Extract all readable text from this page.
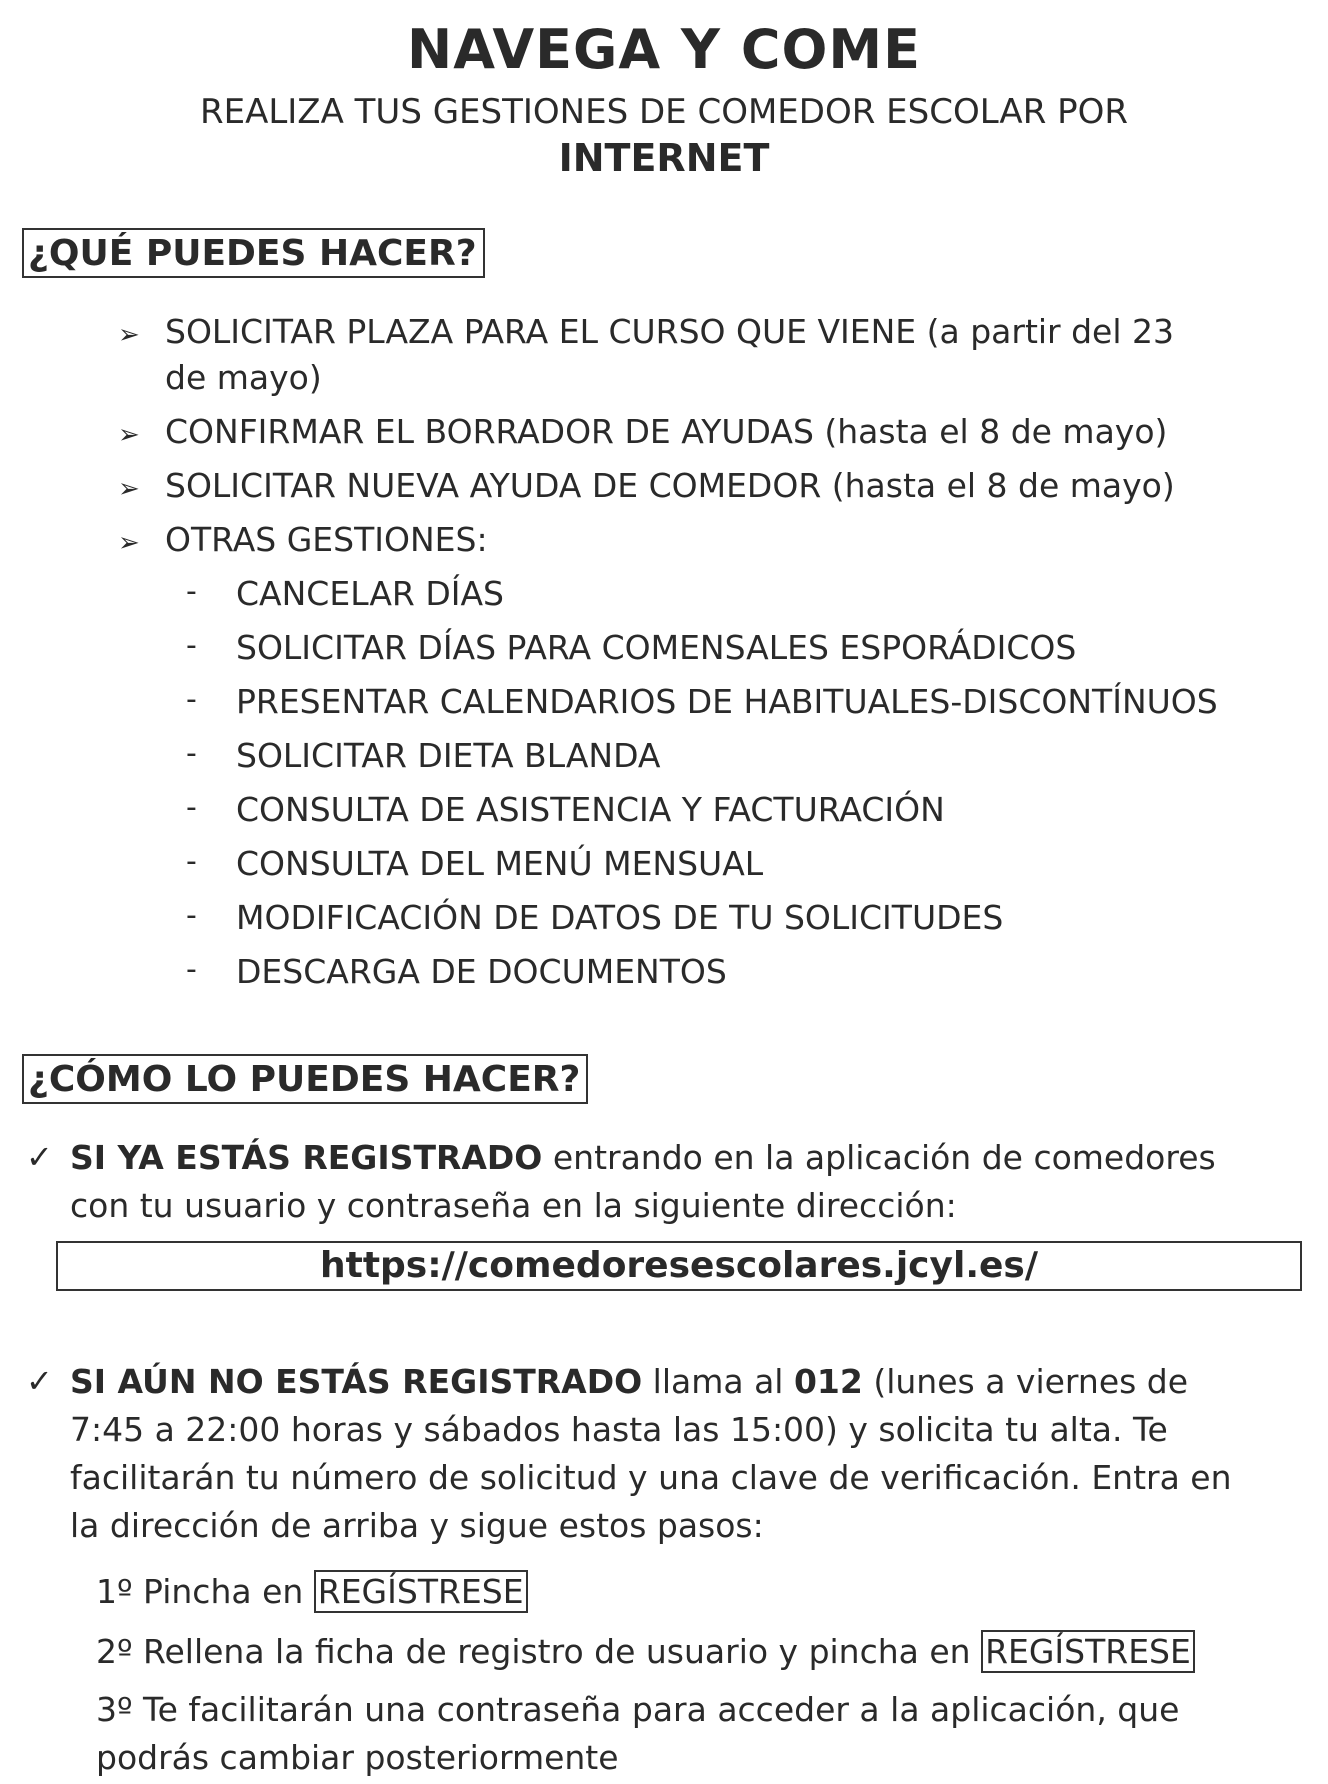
NAVEGA Y COME
REALIZA TUS GESTIONES DE COMEDOR ESCOLAR POR
INTERNET
¿QUÉ PUEDES HACER?
➢ SOLICITAR PLAZA PARA EL CURSO QUE VIENE (a partir del 23
de mayo)
➢ CONFIRMAR EL BORRADOR DE AYUDAS (hasta el 8 de mayo)
➢ SOLICITAR NUEVA AYUDA DE COMEDOR (hasta el 8 de mayo)
➢ OTRAS GESTIONES:
- CANCELAR DÍAS
- SOLICITAR DÍAS PARA COMENSALES ESPORÁDICOS
- PRESENTAR CALENDARIOS DE HABITUALES-DISCONTÍNUOS
- SOLICITAR DIETA BLANDA
- CONSULTA DE ASISTENCIA Y FACTURACIÓN
- CONSULTA DEL MENÚ MENSUAL
- MODIFICACIÓN DE DATOS DE TU SOLICITUDES
- DESCARGA DE DOCUMENTOS
¿CÓMO LO PUEDES HACER?
✓ SI YA ESTÁS REGISTRADO entrando en la aplicación de comedores
con tu usuario y contraseña en la siguiente dirección:
https://comedoresescolares.jcyl.es/
✓ SI AÚN NO ESTÁS REGISTRADO llama al 012 (lunes a viernes de
7:45 a 22:00 horas y sábados hasta las 15:00) y solicita tu alta. Te
facilitarán tu número de solicitud y una clave de verificación. Entra en
la dirección de arriba y sigue estos pasos:
1º Pincha en REGÍSTRESE
2º Rellena la ficha de registro de usuario y pincha en REGÍSTRESE
3º Te facilitarán una contraseña para acceder a la aplicación, que
podrás cambiar posteriormente
